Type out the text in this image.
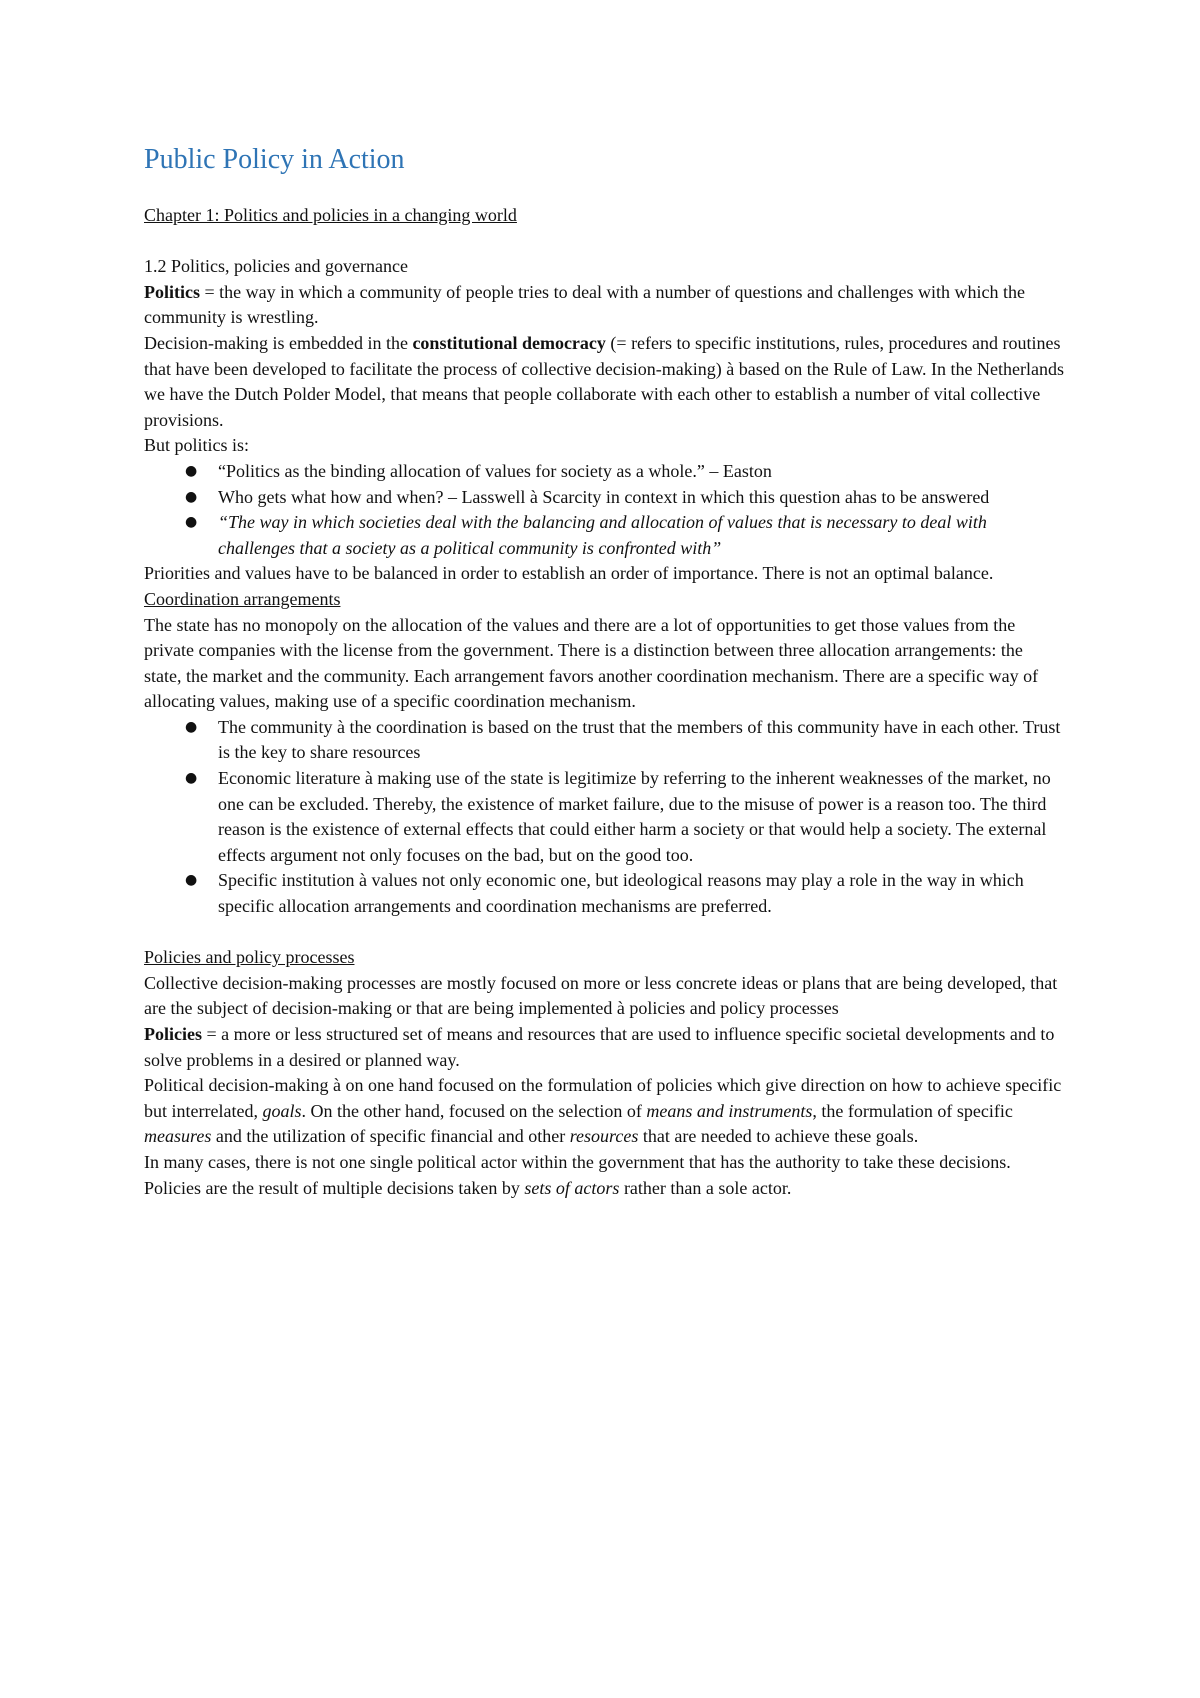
Public Policy in Action

Chapter 1: Politics and policies in a changing world

1.2 Politics, policies and governance

Politics = the way in which a community of people tries to deal with a number of questions and challenges with which the community is wrestling.

Decision-making is embedded in the constitutional democracy (= refers to specific institutions, rules, procedures and routines that have been developed to facilitate the process of collective decision-making) à based on the Rule of Law. In the Netherlands we have the Dutch Polder Model, that means that people collaborate with each other to establish a number of vital collective provisions.

But politics is:

● “Politics as the binding allocation of values for society as a whole.” – Easton
● Who gets what how and when? – Lasswell à Scarcity in context in which this question ahas to be answered
● “The way in which societies deal with the balancing and allocation of values that is necessary to deal with challenges that a society as a political community is confronted with”

Priorities and values have to be balanced in order to establish an order of importance. There is not an optimal balance.

Coordination arrangements

The state has no monopoly on the allocation of the values and there are a lot of opportunities to get those values from the private companies with the license from the government. There is a distinction between three allocation arrangements: the state, the market and the community. Each arrangement favors another coordination mechanism. There are a specific way of allocating values, making use of a specific coordination mechanism.

● The community à the coordination is based on the trust that the members of this community have in each other. Trust is the key to share resources
● Economic literature à making use of the state is legitimize by referring to the inherent weaknesses of the market, no one can be excluded. Thereby, the existence of market failure, due to the misuse of power is a reason too. The third reason is the existence of external effects that could either harm a society or that would help a society. The external effects argument not only focuses on the bad, but on the good too.
● Specific institution à values not only economic one, but ideological reasons may play a role in the way in which specific allocation arrangements and coordination mechanisms are preferred.

Policies and policy processes

Collective decision-making processes are mostly focused on more or less concrete ideas or plans that are being developed, that are the subject of decision-making or that are being implemented à policies and policy processes

Policies = a more or less structured set of means and resources that are used to influence specific societal developments and to solve problems in a desired or planned way.

Political decision-making à on one hand focused on the formulation of policies which give direction on how to achieve specific but interrelated, goals. On the other hand, focused on the selection of means and instruments, the formulation of specific measures and the utilization of specific financial and other resources that are needed to achieve these goals.

In many cases, there is not one single political actor within the government that has the authority to take these decisions. Policies are the result of multiple decisions taken by sets of actors rather than a sole actor.
